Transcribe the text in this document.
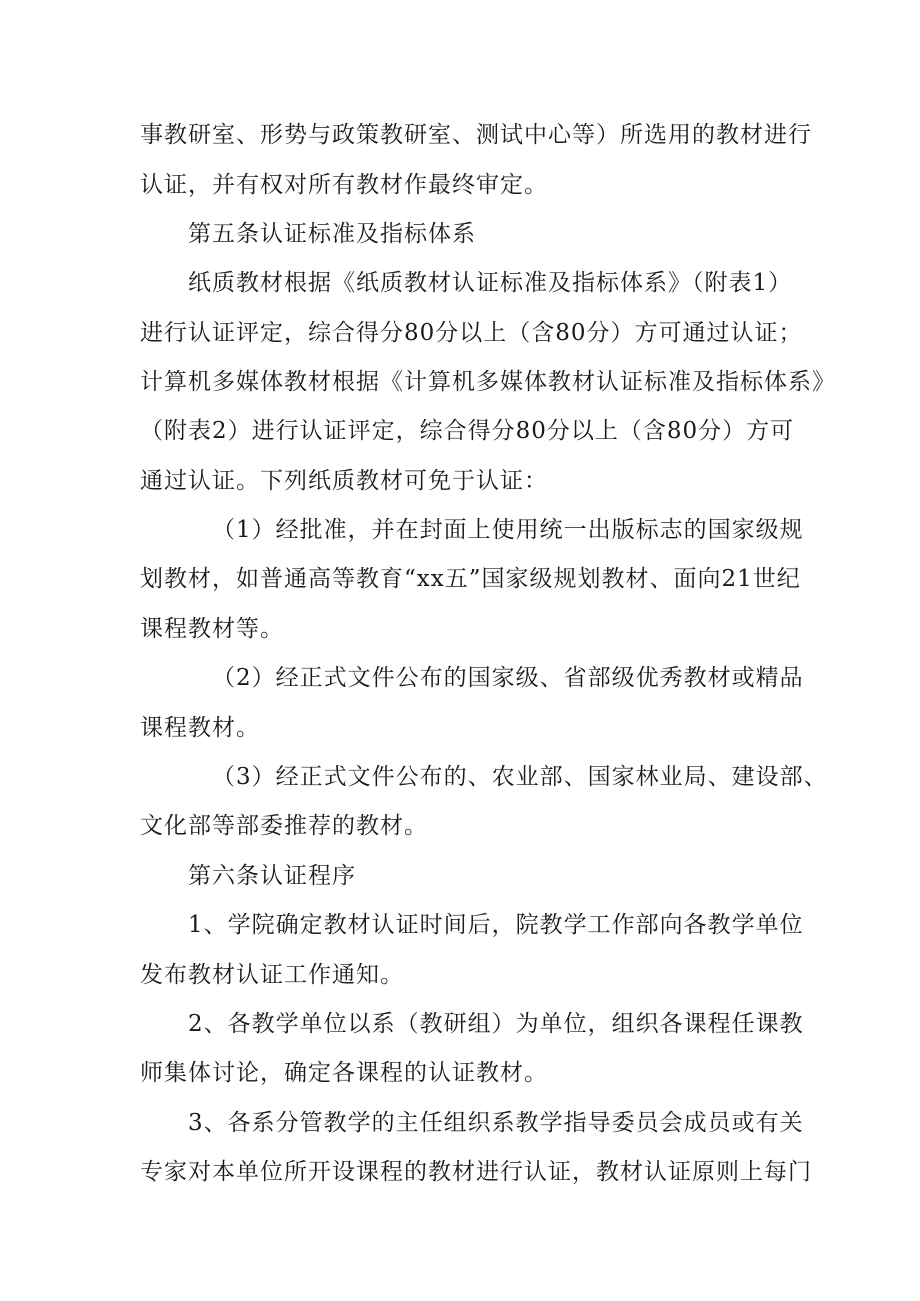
事教研室、形势与政策教研室、测试中心等）所选用的教材进行
认证，并有权对所有教材作最终审定。
第五条认证标准及指标体系
纸质教材根据《纸质教材认证标准及指标体系》（附表1）
进行认证评定，综合得分80分以上（含80分）方可通过认证；
计算机多媒体教材根据《计算机多媒体教材认证标准及指标体系》
（附表2）进行认证评定，综合得分80分以上（含80分）方可
通过认证。下列纸质教材可免于认证：
（1）经批准，并在封面上使用统一出版标志的国家级规
划教材，如普通高等教育“xx五”国家级规划教材、面向21世纪
课程教材等。
（2）经正式文件公布的国家级、省部级优秀教材或精品
课程教材。
（3）经正式文件公布的、农业部、国家林业局、建设部、
文化部等部委推荐的教材。
第六条认证程序
1、学院确定教材认证时间后，院教学工作部向各教学单位
发布教材认证工作通知。
2、各教学单位以系（教研组）为单位，组织各课程任课教
师集体讨论，确定各课程的认证教材。
3、各系分管教学的主任组织系教学指导委员会成员或有关
专家对本单位所开设课程的教材进行认证，教材认证原则上每门
